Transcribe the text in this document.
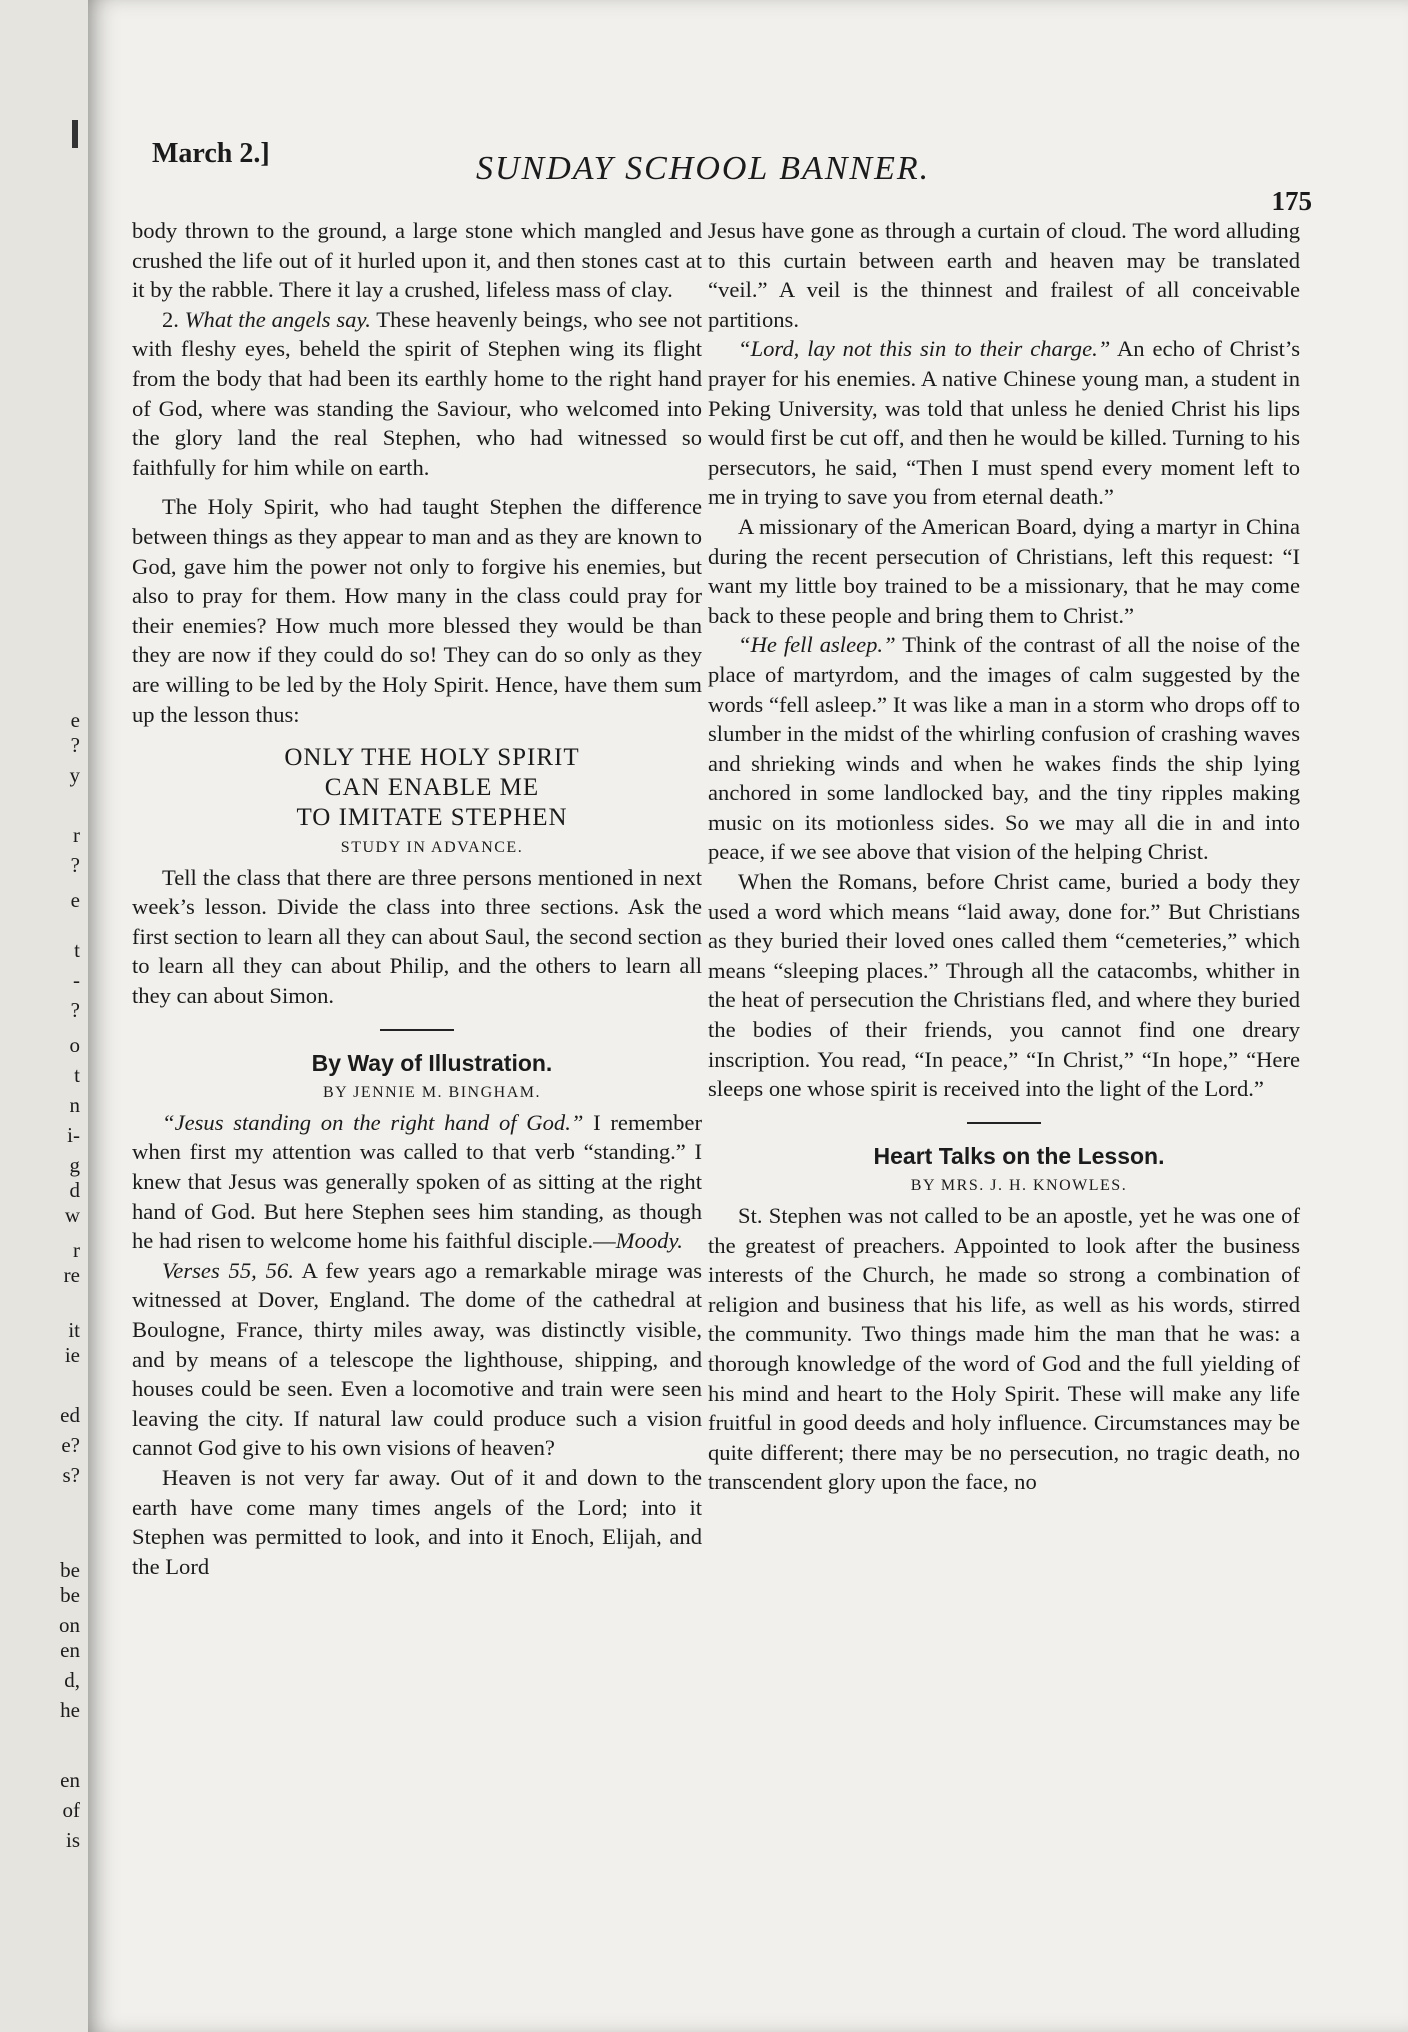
e
?
y
r
?
e
t
-
?
o
t
n
i-
g
d
w
r
re
it
ie
ed
e?
s?
be
be
on
en
d,
he
en
of
is
March 2.]	SUNDAY SCHOOL BANNER.
175

body thrown to the ground, a large stone which mangled and crushed the life out of it hurled upon it, and then stones cast at it by the rabble. There it lay a crushed, lifeless mass of clay.

2. What the angels say. These heavenly beings, who see not with fleshy eyes, beheld the spirit of Stephen wing its flight from the body that had been its earthly home to the right hand of God, where was standing the Saviour, who welcomed into the glory land the real Stephen, who had witnessed so faithfully for him while on earth.

The Holy Spirit, who had taught Stephen the difference between things as they appear to man and as they are known to God, gave him the power not only to forgive his enemies, but also to pray for them. How many in the class could pray for their enemies? How much more blessed they would be than they are now if they could do so! They can do so only as they are willing to be led by the Holy Spirit. Hence, have them sum up the lesson thus:

ONLY THE HOLY SPIRIT

CAN ENABLE ME

TO IMITATE STEPHEN

STUDY IN ADVANCE.

Tell the class that there are three persons mentioned in next week’s lesson. Divide the class into three sections. Ask the first section to learn all they can about Saul, the second section to learn all they can about Philip, and the others to learn all they can about Simon.

By Way of Illustration.

BY JENNIE M. BINGHAM.

“Jesus standing on the right hand of God.” I remember when first my attention was called to that verb “standing.” I knew that Jesus was generally spoken of as sitting at the right hand of God. But here Stephen sees him standing, as though he had risen to welcome home his faithful disciple.—Moody.

Verses 55, 56. A few years ago a remarkable mirage was witnessed at Dover, England. The dome of the cathedral at Boulogne, France, thirty miles away, was distinctly visible, and by means of a telescope the lighthouse, shipping, and houses could be seen. Even a locomotive and train were seen leaving the city. If natural law could produce such a vision cannot God give to his own visions of heaven?

Heaven is not very far away. Out of it and down to the earth have come many times angels of the Lord; into it Stephen was permitted to look, and into it Enoch, Elijah, and the Lord

Jesus have gone as through a curtain of cloud. The word alluding to this curtain between earth and heaven may be translated “veil.” A veil is the thinnest and frailest of all conceivable partitions.

“Lord, lay not this sin to their charge.” An echo of Christ’s prayer for his enemies. A native Chinese young man, a student in Peking University, was told that unless he denied Christ his lips would first be cut off, and then he would be killed. Turning to his persecutors, he said, “Then I must spend every moment left to me in trying to save you from eternal death.”

A missionary of the American Board, dying a martyr in China during the recent persecution of Christians, left this request: “I want my little boy trained to be a missionary, that he may come back to these people and bring them to Christ.”

“He fell asleep.” Think of the contrast of all the noise of the place of martyrdom, and the images of calm suggested by the words “fell asleep.” It was like a man in a storm who drops off to slumber in the midst of the whirling confusion of crashing waves and shrieking winds and when he wakes finds the ship lying anchored in some landlocked bay, and the tiny ripples making music on its motionless sides. So we may all die in and into peace, if we see above that vision of the helping Christ.

When the Romans, before Christ came, buried a body they used a word which means “laid away, done for.” But Christians as they buried their loved ones called them “cemeteries,” which means “sleeping places.” Through all the catacombs, whither in the heat of persecution the Christians fled, and where they buried the bodies of their friends, you cannot find one dreary inscription. You read, “In peace,” “In Christ,” “In hope,” “Here sleeps one whose spirit is received into the light of the Lord.”

Heart Talks on the Lesson.

BY MRS. J. H. KNOWLES.

St. Stephen was not called to be an apostle, yet he was one of the greatest of preachers. Appointed to look after the business interests of the Church, he made so strong a combination of religion and business that his life, as well as his words, stirred the community. Two things made him the man that he was: a thorough knowledge of the word of God and the full yielding of his mind and heart to the Holy Spirit. These will make any life fruitful in good deeds and holy influence. Circumstances may be quite different; there may be no persecution, no tragic death, no transcendent glory upon the face, no
